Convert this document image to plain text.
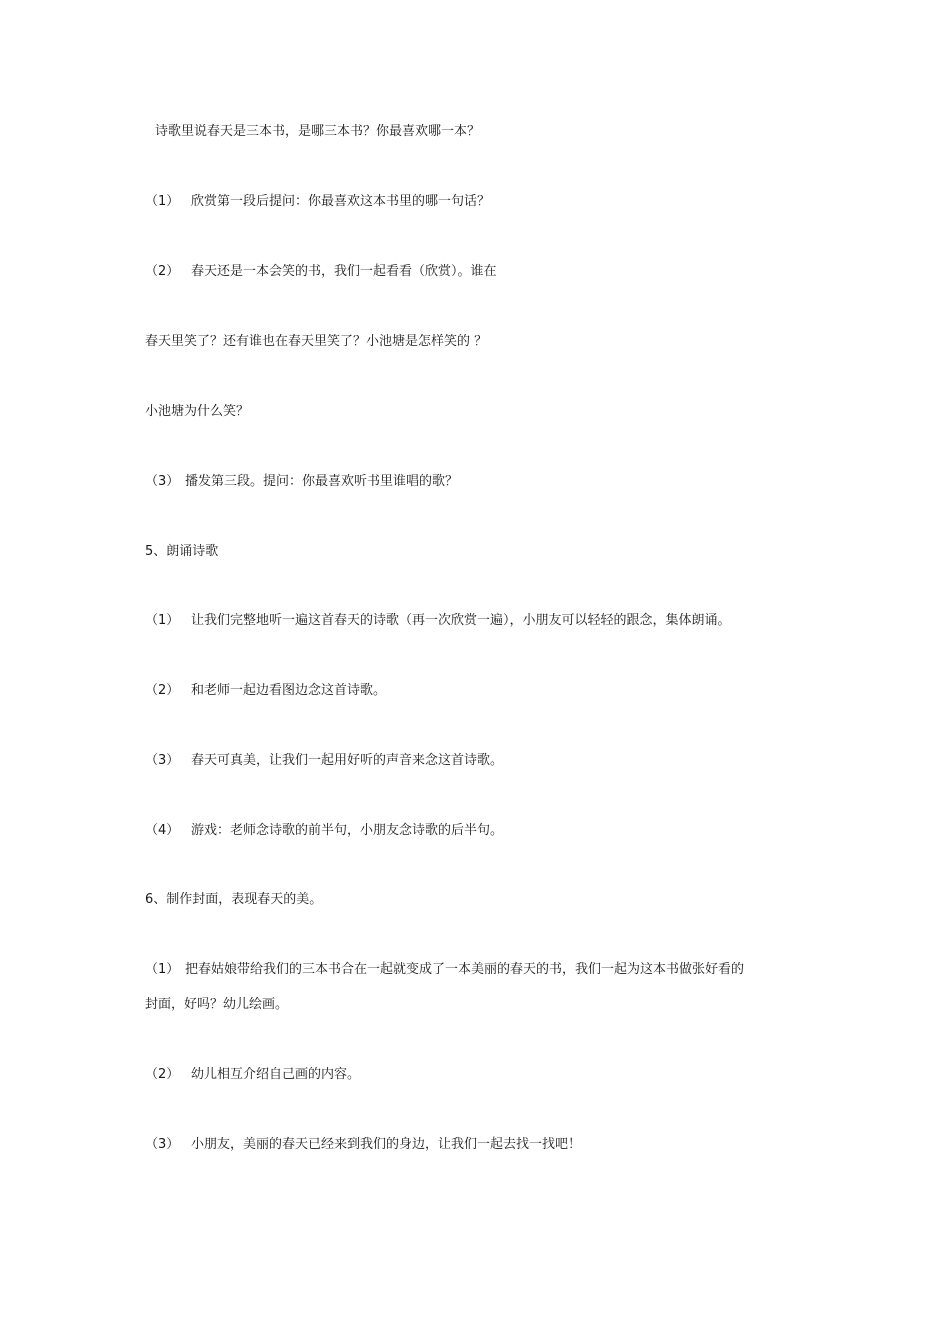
诗歌里说春天是三本书，是哪三本书？你最喜欢哪一本？
（1） 欣赏第一段后提问：你最喜欢这本书里的哪一句话？
（2） 春天还是一本会笑的书，我们一起看看（欣赏）。谁在
春天里笑了？还有谁也在春天里笑了？小池塘是怎样笑的 ？
小池塘为什么笑？
（3） 播发第三段。提问：你最喜欢听书里谁唱的歌？
5、朗诵诗歌
（1） 让我们完整地听一遍这首春天的诗歌（再一次欣赏一遍），小朋友可以轻轻的跟念，集体朗诵。
（2） 和老师一起边看图边念这首诗歌。
（3） 春天可真美，让我们一起用好听的声音来念这首诗歌。
（4） 游戏：老师念诗歌的前半句，小朋友念诗歌的后半句。
6、制作封面，表现春天的美。
（1） 把春姑娘带给我们的三本书合在一起就变成了一本美丽的春天的书，我们一起为这本书做张好看的
封面，好吗？幼儿绘画。
（2） 幼儿相互介绍自己画的内容。
（3） 小朋友，美丽的春天已经来到我们的身边，让我们一起去找一找吧！
